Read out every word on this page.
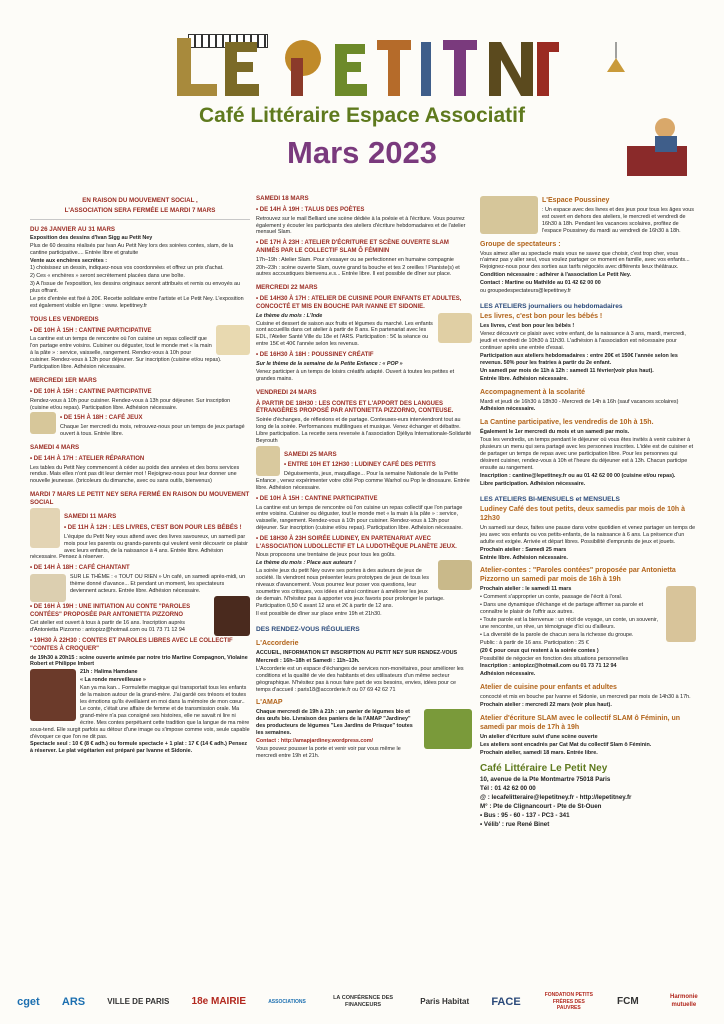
Café Littéraire Espace Associatif
Mars 2023
EN RAISON DU MOUVEMENT SOCIAL ,
L'ASSOCIATION SERA FERMÉE LE MARDI 7 MARS
DU 26 JANVIER AU 31 MARS

Exposition des dessins d'Ivan Sigg au Petit Ney

Plus de 60 dessins réalisés par Ivan Au Petit Ney lors des soirées contes, slam, de la cantine participative.... Entrée libre et gratuite

Vente aux enchères secrètes :

1) choisissez un dessin, indiquez-nous vos coordonnées et offrez un prix d'achat.

2) Ces « enchères » seront secrètement placées dans une boîte.

3) A l'issue de l'exposition, les dessins originaux seront attribués et remis ou envoyés au plus offrant.

Le prix d'entrée est fixé à 20€. Recette solidaire entre l'artiste et Le Petit Ney. L'exposition est également visible en ligne : www. lepetitney.fr

TOUS LES VENDREDIS
• DE 10H À 15H : CANTINE PARTICIPATIVE

La cantine est un temps de rencontre où l'on cuisine un repas collectif que l'on partage entre voisins. Cuisiner ou déguster, tout le monde met « la main à la pâte » : service, vaisselle, rangement. Rendez-vous à 10h pour cuisiner. Rendez-vous à 13h pour déjeuner. Sur inscription (cuisine et/ou repas). Participation libre. Adhésion nécessaire.

MERCREDI 1ER MARS
• DE 10H À 15H : CANTINE PARTICIPATIVE

Rendez-vous à 10h pour cuisiner. Rendez-vous à 13h pour déjeuner. Sur inscription (cuisine et/ou repas). Participation libre. Adhésion nécessaire.

• DE 15H À 18H : CAFÉ JEUX

Chaque 1er mercredi du mois, retrouvez-nous pour un temps de jeux partagé ouvert à tous. Entrée libre.

SAMEDI 4 MARS
• DE 14H À 17H : ATELIER RÉPARATION

Les tables du Petit Ney commencent à céder au poids des années et des bons services rendus. Mais elles n'ont pas dit leur dernier mot ! Rejoignez-nous pour leur donner une nouvelle jeunesse. (bricoleurs du dimanche, avec ou sans outils, bienvenus)

MARDI 7 MARS LE PETIT NEY SERA FERMÉ EN RAISON DU MOUVEMENT SOCIAL
SAMEDI 11 MARS
• DE 11H À 12H : LES LIVRES, C'EST BON POUR LES BÉBÉS !

L'équipe du Petit Ney vous attend avec des livres savoureux, un samedi par mois pour les parents ou grands-parents qui veulent venir découvrir ce plaisir avec leurs enfants, de la naissance à 4 ans. Entrée libre. Adhésion nécessaire. Pensez à réserver.

• DE 14H À 18H : CAFÉ CHANTANT

SUR LE THÈME : « TOUT OU RIEN » Un café, un samedi après-midi, un thème donné d'avance... Et pendant un moment, les spectateurs deviennent acteurs. Entrée libre. Adhésion nécessaire.

• DE 16H À 19H : UNE INITIATION AU CONTE "PAROLES CONTÉES" PROPOSÉE PAR ANTONIETTA PIZZORNO

Cet atelier est ouvert à tous à partir de 16 ans. Inscription auprès d'Antonietta Pizzorno : antopizz@hotmail.com ou 01 73 71 12 94

• 19H30 À 22H30 : CONTES ET PAROLES LIBRES AVEC LE COLLECTIF "CONTES À CROQUER"

de 19h30 à 20h15 : scène ouverte animée par notre trio Martine Compagnon, Violaine Robert et Philippe Imbert

21h : Halima Hamdane

« La ronde merveilleuse »

Kan ya ma kan... Formulette magique qui transportait tous les enfants de la maison autour de la grand-mère. J'ai gardé ces trésors et toutes les émotions qu'ils éveillaient en moi dans la mémoire de mon cœur.. Le conte, c'était une affaire de femme et de transmission orale. Ma grand-mère n'a pas consigné ses histoires, elle ne savait ni lire ni écrire. Mes contes perpétuent cette tradition que la langue de ma mère sous-tend. Elle surgit parfois au détour d'une image ou s'impose comme voix, seule capable d'évoquer ce que l'on ne dit pas.

Spectacle seul : 10 € (8 € adh.) ou formule spectacle + 1 plat : 17 € (14 € adh.) Pensez à réserver. Le plat végétarien est préparé par Ivanne et Sidonie.

SAMEDI 18 MARS
• DE 14H À 19H : TALUS DES POÈTES

Retrouvez sur le mail Belliard une scène dédiée à la poésie et à l'écriture. Vous pourrez également y écouter les participants des ateliers d'écriture hebdomadaires et de l'atelier mensuel Slam.

• DE 17H À 23H : ATELIER D'ÉCRITURE ET SCÈNE OUVERTE SLAM ANIMÉS PAR LE COLLECTIF SLAM Ô FÉMININ

17h–19h : Atelier Slam. Pour s'essayer ou se perfectionner en humaine compagnie

20h–23h : scène ouverte Slam, ouvre grand ta bouche et tes 2 oreilles ! Pianiste(s) et autres accoustiques bienvenu.e.s... Entrée libre. Il est possible de dîner sur place.

MERCREDI 22 MARS
• DE 14H30 À 17H : ATELIER DE CUISINE POUR ENFANTS ET ADULTES, CONCOCTÉ ET MIS EN BOUCHE PAR IVANNE ET SIDONIE.

Le thème du mois : L'Inde

Cuisine et dessert de saison aux fruits et légumes du marché. Les enfants sont accueillis dans cet atelier à partir de 8 ans. En partenariat avec les EDL, l'Atelier Santé Ville du 18e et l'ARS. Participation : 5€ la séance ou entre 15€ et 40€ l'année selon les revenus.

• DE 16H30 À 18H : POUSSINEY CRÉATIF

Sur le thème de la semaine de la Petite Enfance : « POP »

Venez participer à un temps de loisirs créatifs adapté. Ouvert à toutes les petites et grandes mains.

VENDREDI 24 MARS
À PARTIR DE 18H30 : LES CONTES ET L'APPORT DES LANGUES ÉTRANGÈRES PROPOSÉ PAR ANTONIETTA PIZZORNO, CONTEUSE.

Soirée d'échanges, de réflexions et de partage. Conteuses-eurs interviendront tout au long de la soirée. Performances multilingues et musique. Venez échanger et débattre. Libre participation. La recette sera reversée à l'association Djéliya Internationale-Solidarité Beyrouth

SAMEDI 25 MARS
• ENTRE 10H ET 12H30 : LUDINEY CAFÉ DES PETITS

Déguisements, jeux, maquillage... Pour la semaine Nationale de la Petite Enfance , venez expérimenter votre côté Pop comme Warhol ou Pop le dinosaure. Entrée libre. Adhésion nécessaire.

• DE 10H À 15H : CANTINE PARTICIPATIVE

La cantine est un temps de rencontre où l'on cuisine un repas collectif que l'on partage entre voisins. Cuisiner ou déguster, tout le monde met « la main à la pâte » : service, vaisselle, rangement. Rendez-vous à 10h pour cuisiner. Rendez-vous à 13h pour déjeuner. Sur inscription (cuisine et/ou repas). Participation libre. Adhésion nécessaire.

• DE 18H30 À 23H SOIRÉE LUDINEY, EN PARTENARIAT AVEC L'ASSOCIATION LUDOLLECTIF ET LA LUDOTHÈQUE PLANÈTE JEUX.

Nous proposons une trentaine de jeux pour tous les goûts.

Le thème du mois : Place aux auteurs !

La soirée jeux du petit Ney ouvre ses portes à des auteurs de jeux de société. Ils viendront nous présenter leurs prototypes de jeux de tous les niveaux d'avancement. Vous pourrez leur poser vos questions, leur soumettre vos critiques, vos idées et ainsi continuer à améliorer les jeux de demain. N'hésitez pas à apporter vos jeux favoris pour prolonger le partage. Participation 0,50 € avant 12 ans et 2€ à partir de 12 ans.

Il est possible de dîner sur place entre 19h et 21h30.

DES RENDEZ-VOUS RÉGULIERS
L'Accorderie

ACCUEIL, INFORMATION ET INSCRIPTION AU PETIT NEY SUR RENDEZ-VOUS

Mercredi : 16h–18h et Samedi : 11h–13h.

L'Accorderie est un espace d'échanges de services non-monétaires, pour améliorer les conditions et la qualité de vie des habitants et des utilisateurs d'un même secteur géographique. N'hésitez pas à nous faire part de vos besoins, envies, idées pour ce temps d'accueil : paris18@accorderie.fr ou 07 69 42 62 71

L'AMAP

Chaque mercredi de 19h à 21h : un panier de légumes bio et des œufs bio. Livraison des paniers de la l'AMAP "Jardiney" des producteurs de légumes "Les Jardins de Prisque" toutes les semaines.

Contact : http://amapjardiney.wordpress.com/

Vous pouvez pousser la porte et venir voir par vous même le mercredi entre 19h et 21h.

L'Espace Poussiney

: Un espace avec des livres et des jeux pour tous les âges vous est ouvert en dehors des ateliers, le mercredi et vendredi de 16h30 à 18h. Pendant les vacances scolaires, profitez de l'espace Poussiney du mardi au vendredi de 16h30 à 18h.

Groupe de spectateurs :

Vous aimez aller au spectacle mais vous ne savez que choisir, c'est trop cher, vous n'aimez pas y aller seul, vous voulez partager ce moment en famille, avec vos enfants... Rejoignez-nous pour des sorties aux tarifs négociés avec différents lieux théâtraux.

Condition nécessaire : adhérer à l'association Le Petit Ney.

Contact : Martine ou Mathilde au 01 42 62 00 00

ou groupedespectateurs@lepetitney.fr

LES ATELIERS journaliers ou hebdomadaires
Les livres, c'est bon pour les bébés !

Les livres, c'est bon pour les bébés !

Venez découvrir ce plaisir avec votre enfant, de la naissance à 3 ans, mardi, mercredi, jeudi et vendredi de 10h30 à 11h30. L'adhésion à l'association est nécessaire pour continuer après une entrée d'essai.

Participation aux ateliers hebdomadaires : entre 20€ et 150€ l'année selon les revenus. 50% pour les fratries à partir du 2e enfant.

Un samedi par mois de 11h à 12h : samedi 11 février(voir plus haut).

Entrée libre. Adhésion nécessaire.

Accompagnement à la scolarité

Mardi et jeudi de 16h30 à 18h30 - Mercredi de 14h à 16h (sauf vacances scolaires)

Adhésion nécessaire.

La Cantine participative, les vendredis de 10h à 15h.

Également le 1er mercredi du mois et un samedi par mois.

Tous les vendredis, un temps pendant le déjeuner où vous êtes invités à venir cuisiner à plusieurs un menu qui sera partagé avec les personnes inscrites. L'idée est de cuisiner et de partager un temps de repas avec une participation libre. Pour les personnes qui désirent cuisiner, rendez-vous à 10h et l'heure du déjeuner est à 13h. Chacun participe ensuite au rangement.

Inscription : cantine@lepetitney.fr ou au 01 42 62 00 00 (cuisine et/ou repas).

Libre participation. Adhésion nécessaire.

LES ATELIERS BI-MENSUELS et MENSUELS
Ludiney Café des tout petits, deux samedis par mois de 10h à 12h30

Un samedi sur deux, faites une pause dans votre quotidien et venez partager un temps de jeu avec vos enfants ou vos petits-enfants, de la naissance à 6 ans. La présence d'un adulte est exigée. Arrivée et départ libres. Possibilité d'emprunts de jeux et jouets.

Prochain atelier : Samedi 25 mars

Entrée libre. Adhésion nécessaire.

Atelier-contes : "Paroles contées" proposée par Antonietta Pizzorno un samedi par mois de 16h à 19h

Prochain atelier : le samedi 11 mars

• Comment s'approprier un conte, passage de l'écrit à l'oral.

• Dans une dynamique d'échange et de partage affirmer sa parole et connaître le plaisir de l'offrir aux autres.

• Toute parole est la bienvenue : un récit de voyage, un conte, un souvenir, une rencontre, un rêve, un témoignage d'ici ou d'ailleurs.

• La diversité de la parole de chacun sera la richesse du groupe.

Public : à partir de 16 ans. Participation : 25 €

(20 € pour ceux qui restent à la soirée contes )

Possibilité de négocier en fonction des situations personnelles

Inscription : antopizz@hotmail.com ou 01 73 71 12 94

Adhésion nécessaire.

Atelier de cuisine pour enfants et adultes

concocté et mis en bouche par Ivanne et Sidonie, un mercredi par mois de 14h30 à 17h.

Prochain atelier : mercredi 22 mars (voir plus haut).

Atelier d'écriture SLAM avec le collectif SLAM ô Féminin, un samedi par mois de 17h à 19h

Un atelier d'écriture suivi d'une scène ouverte

Les ateliers sont encadrés par Cat Mat du collectif Slam ô Féminin.

Prochain atelier, samedi 18 mars. Entrée libre.

Café Littéraire Le Petit Ney

10, avenue de la Pte Montmartre 75018 Paris

Tél : 01 42 62 00 00

@ : lecafelitteraire@lepetitney.fr - http://lepetitney.fr

M° : Pte de Clignancourt - Pte de St-Ouen

• Bus : 95 - 60 - 137 - PC3 - 341

• Vélib' : rue René Binet

cget ARS	VILLE DE PARIS 18e MAIRIE	ASSOCIATIONS
LA CONFÉRENCE DES FINANCEURS	Paris Habitat FACE
FONDATION PETITS FRÈRES DES PAUVRES
FCM	Harmonie mutuelle
